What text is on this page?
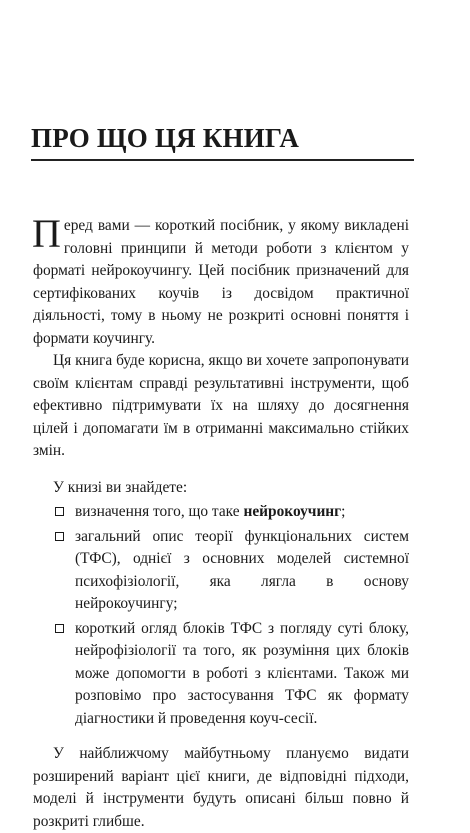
ПРО ЩО ЦЯ КНИГА

Перед вами — короткий посібник, у якому викладені головні принципи й методи роботи з клієнтом у форматі нейрокоучингу. Цей посібник призначений для сертифікованих коучів із досвідом практичної діяльності, тому в ньому не розкриті основні поняття і формати коучингу.

Ця книга буде корисна, якщо ви хочете запропонувати своїм клієнтам справді результативні інструменти, щоб ефективно підтримувати їх на шляху до досягнення цілей і допомагати їм в отриманні максимально стійких змін.

У книзі ви знайдете:

визначення того, що таке нейрокоучинг;
загальний опис теорії функціональних систем (ТФС), однієї з основних моделей системної психофізіології, яка лягла в основу нейрокоучингу;
короткий огляд блоків ТФС з погляду суті блоку, нейрофізіології та того, як розуміння цих блоків може допомогти в роботі з клієнтами. Також ми розповімо про застосування ТФС як формату діагностики й проведення коуч-сесії.

У найближчому майбутньому плануємо видати розширений варіант цієї книги, де відповідні підходи, моделі й інструменти будуть описані більш повно й розкриті глибше.
